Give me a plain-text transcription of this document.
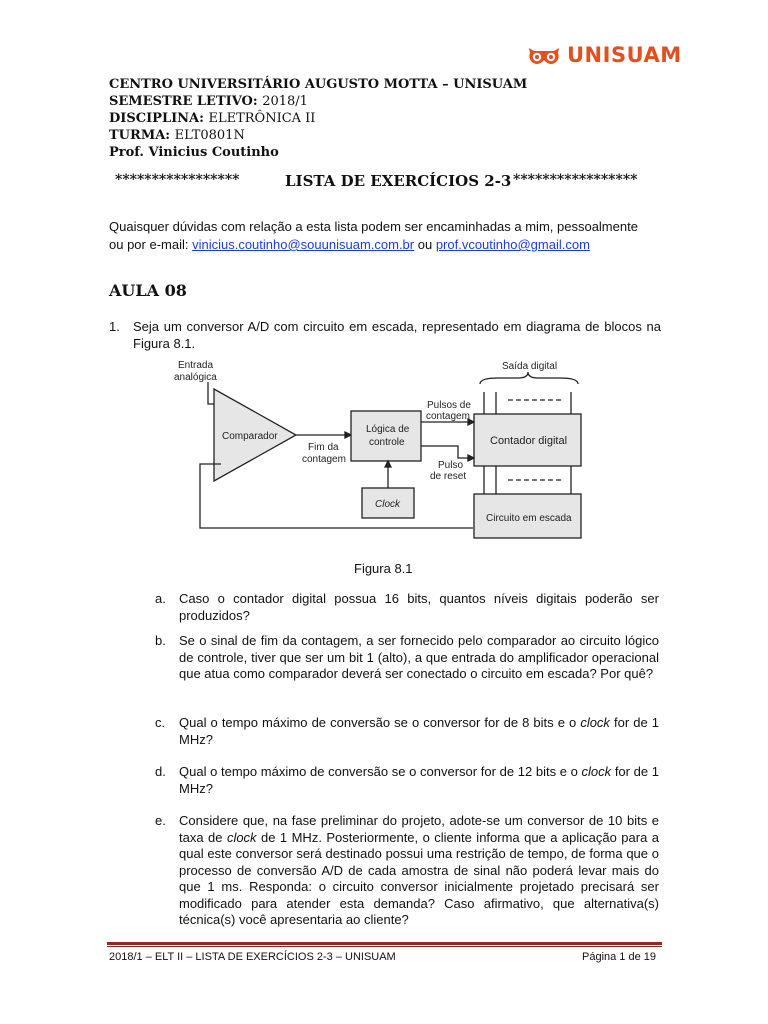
UNISUAM
CENTRO UNIVERSITÁRIO AUGUSTO MOTTA – UNISUAM
SEMESTRE LETIVO: 2018/1
DISCIPLINA: ELETRÔNICA II
TURMA: ELT0801N
Prof. Vinicius Coutinho
*****************	LISTA DE EXERCÍCIOS 2-3 *****************
Quaisquer dúvidas com relação a esta lista podem ser encaminhadas a mim, pessoalmente
ou por e-mail: vinicius.coutinho@souunisuam.com.br ou prof.vcoutinho@gmail.com
AULA 08
1. Seja um conversor A/D com circuito em escada, representado em diagrama de blocos na Figura 8.1.
Entrada
analógica
Comparador
Fim da
contagem
Lógica de
controle
Pulsos de
contagem
Pulso
de reset
Saída digital
Contador digital
Clock
Circuito em escada
Figura 8.1
a. Caso o contador digital possua 16 bits, quantos níveis digitais poderão ser produzidos?
b. Se o sinal de fim da contagem, a ser fornecido pelo comparador ao circuito lógico de controle, tiver que ser um bit 1 (alto), a que entrada do amplificador operacional que atua como comparador deverá ser conectado o circuito em escada? Por quê?
c. Qual o tempo máximo de conversão se o conversor for de 8 bits e o clock for de 1 MHz?
d. Qual o tempo máximo de conversão se o conversor for de 12 bits e o clock for de 1 MHz?
e. Considere que, na fase preliminar do projeto, adote-se um conversor de 10 bits e taxa de clock de 1 MHz. Posteriormente, o cliente informa que a aplicação para a qual este conversor será destinado possui uma restrição de tempo, de forma que o processo de conversão A/D de cada amostra de sinal não poderá levar mais do que 1 ms. Responda: o circuito conversor inicialmente projetado precisará ser modificado para atender esta demanda? Caso afirmativo, que alternativa(s) técnica(s) você apresentaria ao cliente?
2018/1 – ELT II – LISTA DE EXERCÍCIOS 2-3 – UNISUAM	Página 1 de 19
